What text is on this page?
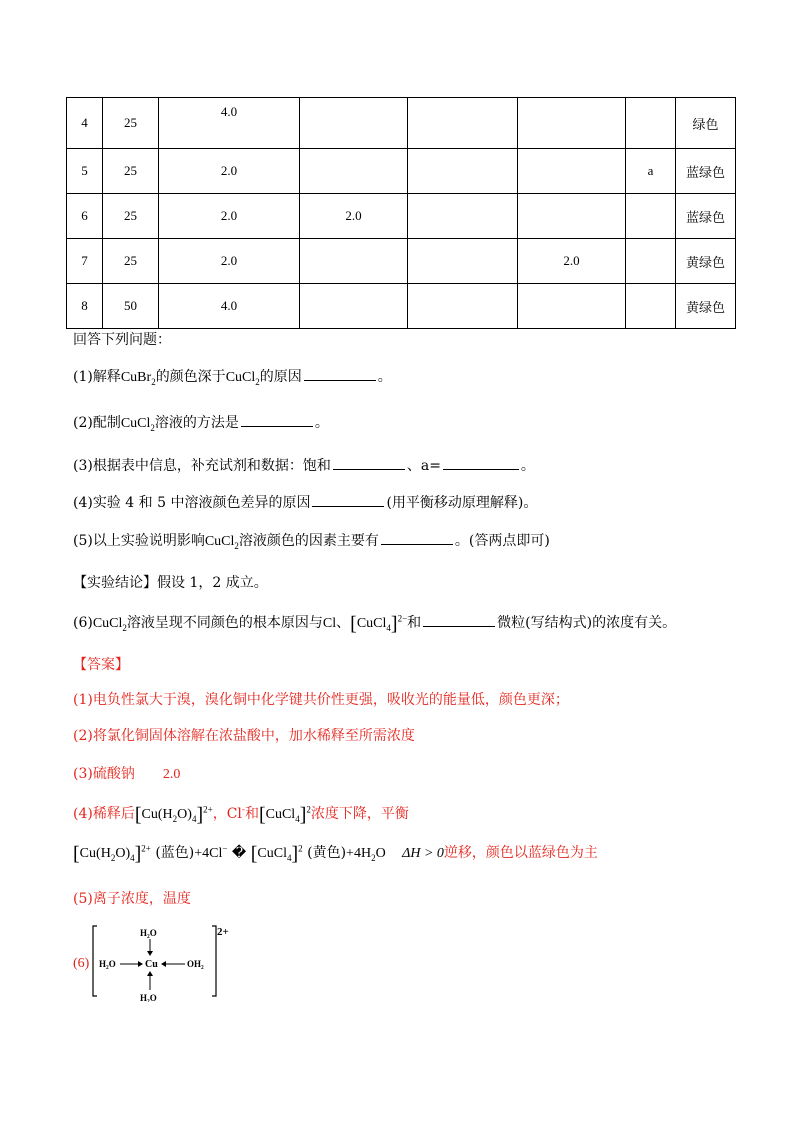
4	25	4.0					绿色
5	25	2.0				a	蓝绿色
6	25	2.0	2.0				蓝绿色
7	25	2.0			2.0		黄绿色
8	50	4.0					黄绿色
回答下列问题：
(1)解释CuBr$_2$的颜色深于CuCl$_2$的原因	。
(2)配制CuCl$_2$溶液的方法是	。
(3)根据表中信息，补充试剂和数据：饱和	、a=	。
(4)实验 4 和 5 中溶液颜色差异的原因	(用平衡移动原理解释)。
(5)以上实验说明影响CuCl$_2$溶液颜色的因素主要有	。(答两点即可)
【实验结论】假设 1，2 成立。
(6)CuCl$_2$溶液呈现不同颜色的根本原因与Cl、[CuCl$_4$]$^{2-}$和	微粒(写结构式)的浓度有关。
【答案】
(1)电负性氯大于溴，溴化铜中化学键共价性更强，吸收光的能量低，颜色更深；
(2)将氯化铜固体溶解在浓盐酸中，加水稀释至所需浓度
(3)硫酸钠 2.0
(4)稀释后$[Cu(H_2O)_4]^{2+}$，Cl-和[CuCl$_4$]$^2$浓度下降，平衡
$[Cu(H_2O)_4]^{2+}$ (蓝色)+4Cl− � [CuCl$_4$]$^2$ (黄色)$+4H_2O$ ΔH > 0逆移，颜色以蓝绿色为主
(5)离子浓度，温度
(6)
2+
H₂O
H₂O
H₂O	OH₂
Cu
